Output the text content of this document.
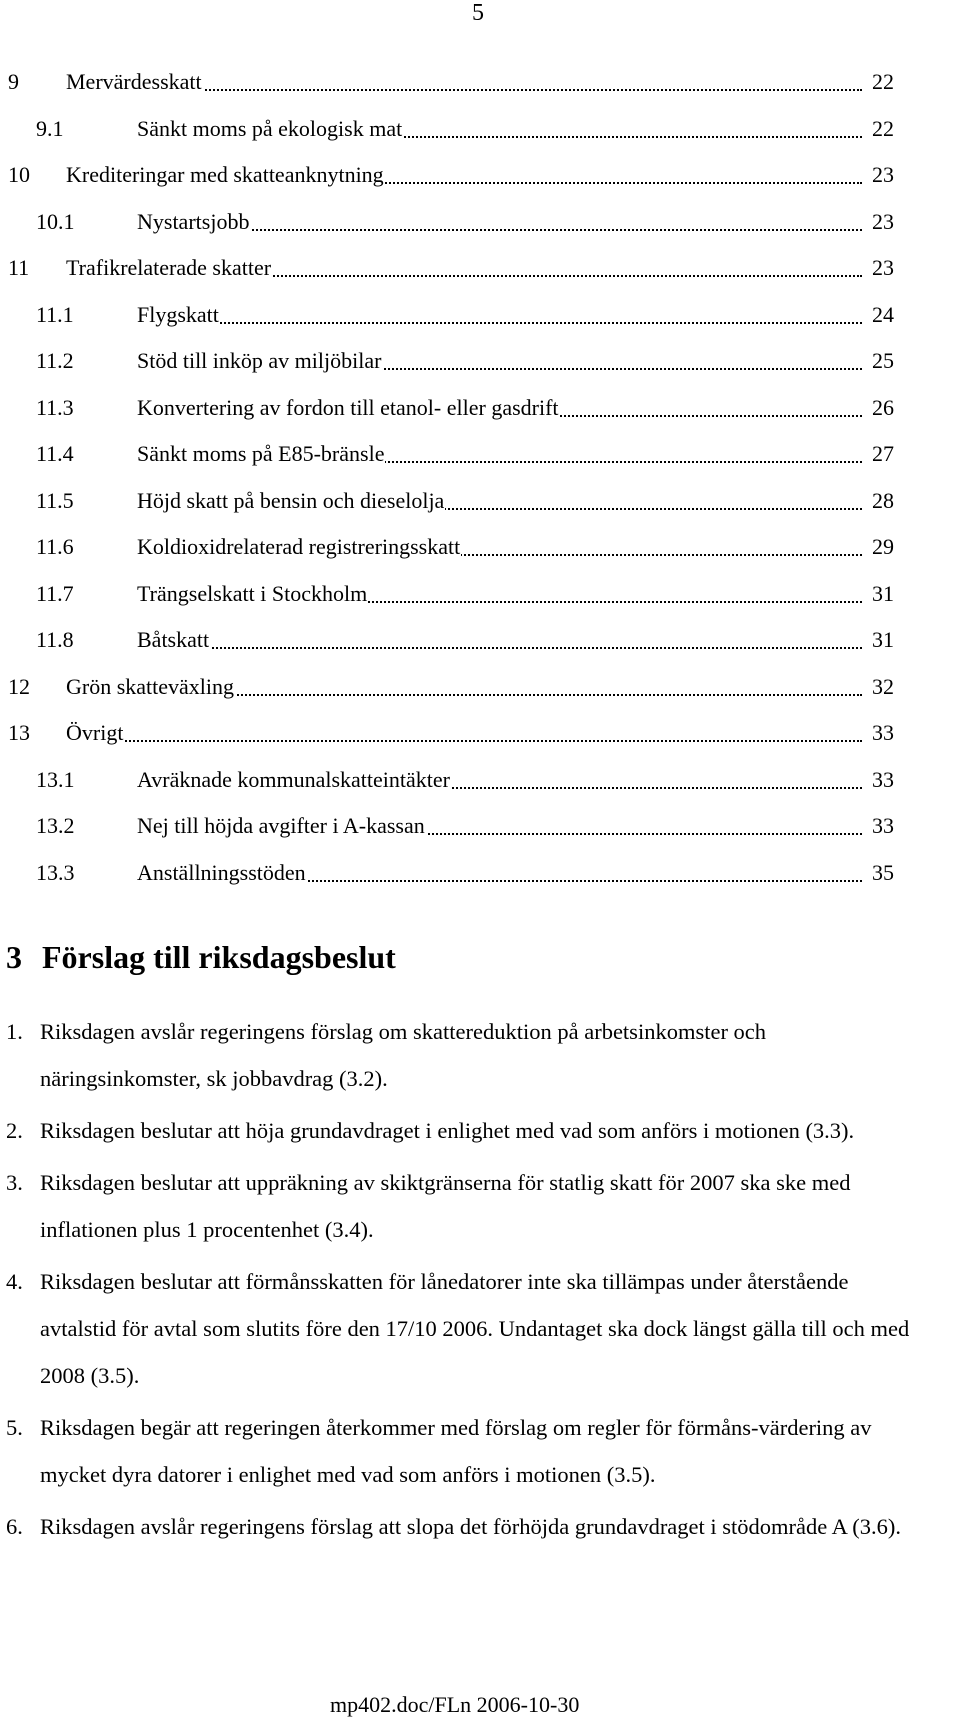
5
9 Mervärdesskatt	22
9.1	Sänkt moms på ekologisk mat	22
10 Krediteringar med skatteanknytning	23
10.1	Nystartsjobb	23
11 Trafikrelaterade skatter	23
11.1	Flygskatt	24
11.2	Stöd till inköp av miljöbilar	25
11.3	Konvertering av fordon till etanol- eller gasdrift	26
11.4	Sänkt moms på E85-bränsle	27
11.5	Höjd skatt på bensin och dieselolja	28
11.6	Koldioxidrelaterad registreringsskatt	29
11.7	Trängselskatt i Stockholm	31
11.8	Båtskatt	31
12 Grön skatteväxling	32
13 Övrigt	33
13.1	Avräknade kommunalskatteintäkter	33
13.2	Nej till höjda avgifter i A-kassan	33
13.3	Anställningsstöden	35
3 Förslag till riksdagsbeslut
1. Riksdagen avslår regeringens förslag om skattereduktion på arbetsinkomster och näringsinkomster, sk jobbavdrag (3.2).
2. Riksdagen beslutar att höja grundavdraget i enlighet med vad som anförs i motionen (3.3).
3. Riksdagen beslutar att uppräkning av skiktgränserna för statlig skatt för 2007 ska ske med inflationen plus 1 procentenhet (3.4).
4. Riksdagen beslutar att förmånsskatten för lånedatorer inte ska tillämpas under återstående avtalstid för avtal som slutits före den 17/10 2006. Undantaget ska dock längst gälla till och med 2008 (3.5).
5. Riksdagen begär att regeringen återkommer med förslag om regler för förmåns-värdering av mycket dyra datorer i enlighet med vad som anförs i motionen (3.5).
6. Riksdagen avslår regeringens förslag att slopa det förhöjda grundavdraget i stödområde A (3.6).
mp402.doc/FLn 2006-10-30
